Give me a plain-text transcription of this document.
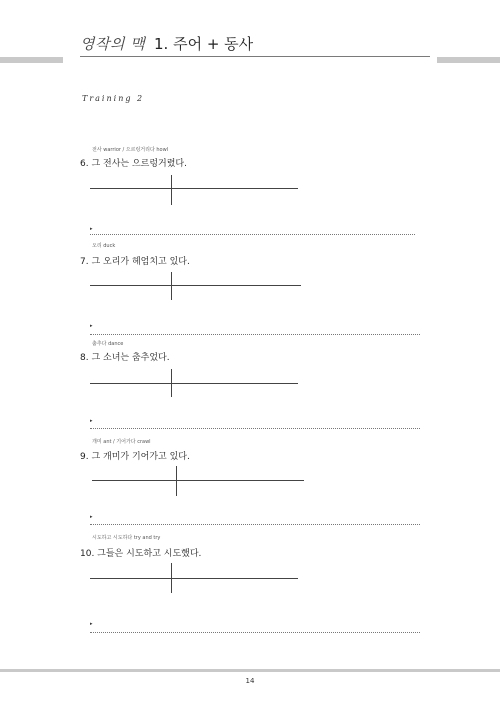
영작의 맥 1. 주어 + 동사
Training 2
전사 warrior / 으르렁거리다 howl
6. 그 전사는 으르렁거렸다.
▸
오리 duck
7. 그 오리가 헤엄치고 있다.
▸
춤추다 dance
8. 그 소녀는 춤추었다.
▸
개미 ant / 기어가다 crawl
9. 그 개미가 기어가고 있다.
▸
시도하고 시도하다 try and try
10. 그들은 시도하고 시도했다.
▸
14
